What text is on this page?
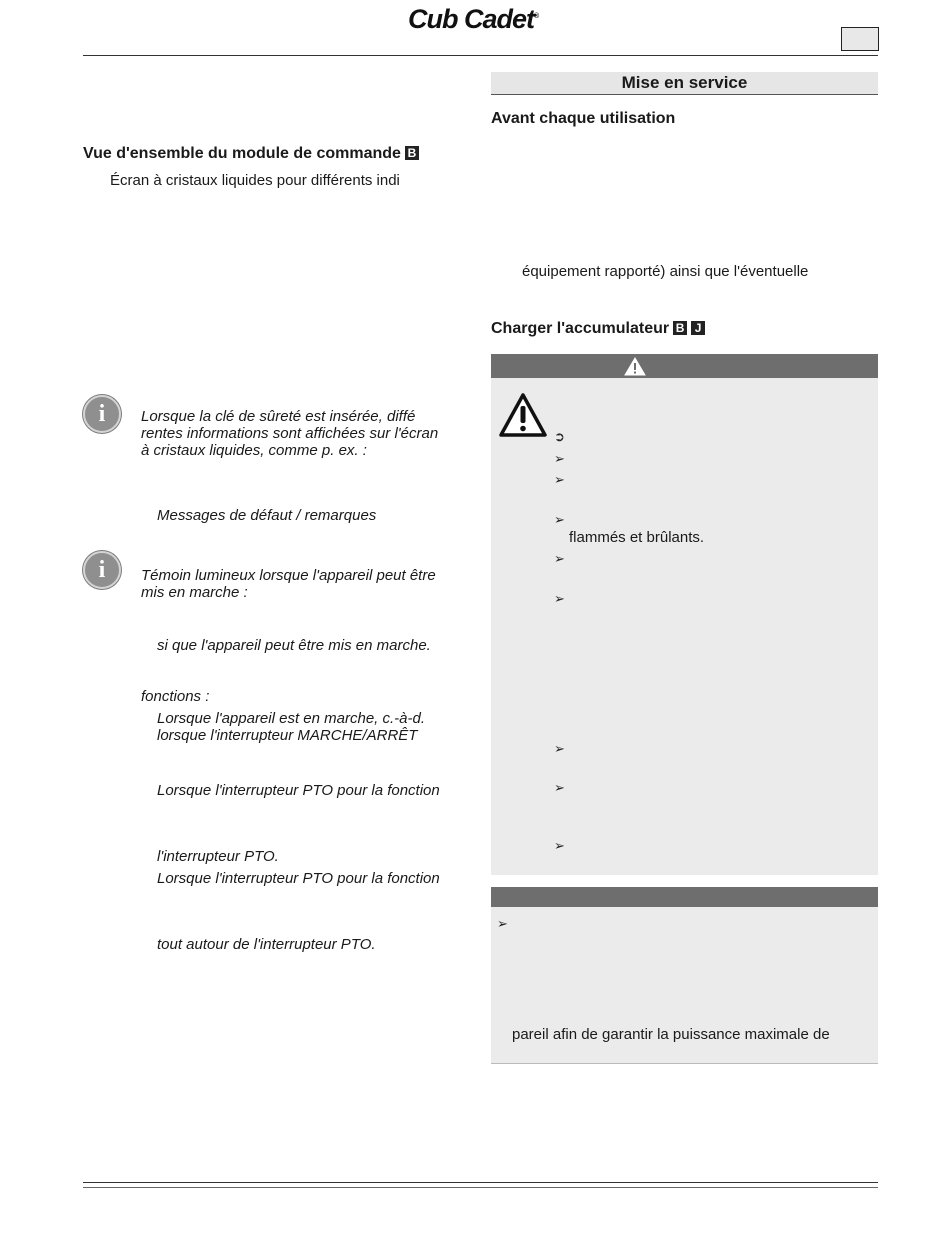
Cub Cadet®
Mise en service
Avant chaque utilisation
équipement rapporté) ainsi que l'éventuelle
Charger l'accumulateur B J
➲
➢
➢
➢
flammés et brûlants.
➢
➢
➢
➢
➢
➢
pareil afin de garantir la puissance maximale de
Vue d'ensemble du module de commande B
Écran à cristaux liquides pour différents indi
i	Lorsque la clé de sûreté est insérée, diffé
rentes informations sont affichées sur l'écran
à cristaux liquides, comme p. ex. :
Messages de défaut / remarques
i	Témoin lumineux lorsque l'appareil peut être
mis en marche :
si que l'appareil peut être mis en marche.
fonctions :
Lorsque l'appareil est en marche, c.-à-d.
lorsque l'interrupteur MARCHE/ARRÊT
Lorsque l'interrupteur PTO pour la fonction
l'interrupteur PTO.
Lorsque l'interrupteur PTO pour la fonction
tout autour de l'interrupteur PTO.
